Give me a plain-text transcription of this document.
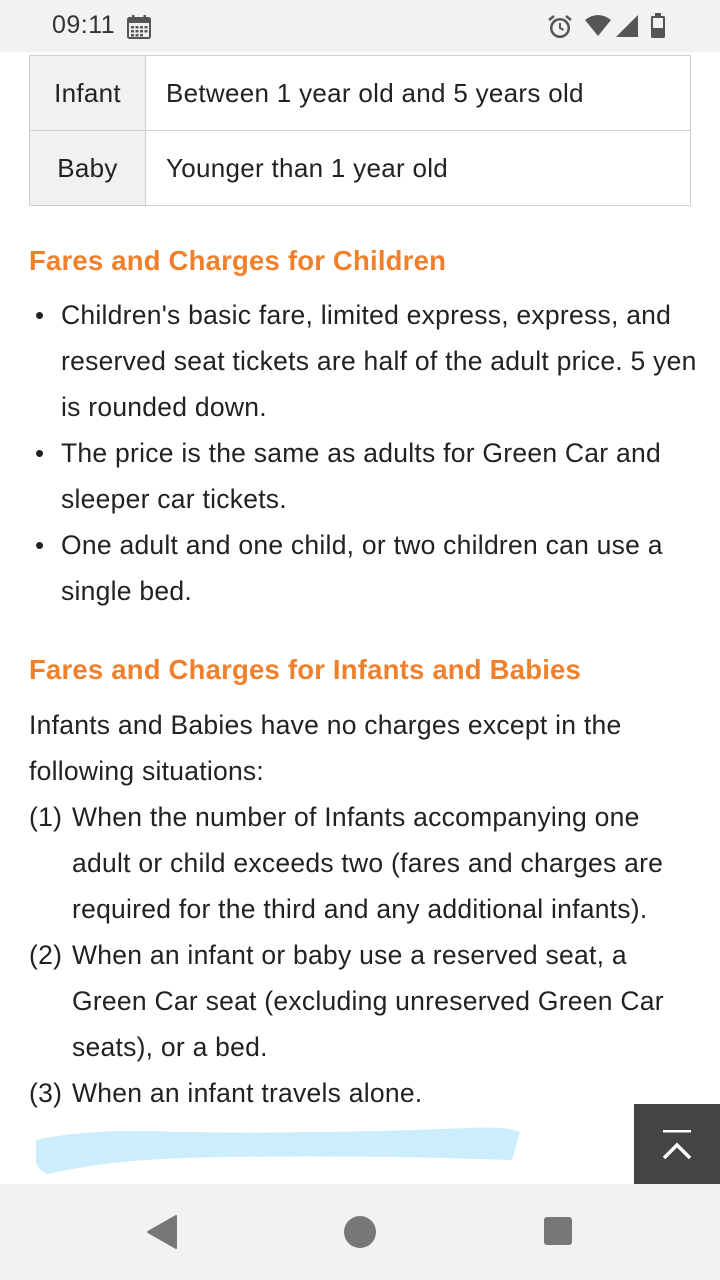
09:11
Infant	Between 1 year old and 5 years old
Baby	Younger than 1 year old
Fares and Charges for Children
• Children's basic fare, limited express, express, and reserved seat tickets are half of the adult price. 5 yen is rounded down.
• The price is the same as adults for Green Car and sleeper car tickets.
• One adult and one child, or two children can use a single bed.
Fares and Charges for Infants and Babies

Infants and Babies have no charges except in the following situations:

(1) When the number of Infants accompanying one adult or child exceeds two (fares and charges are required for the third and any additional infants).
(2) When an infant or baby use a reserved seat, a Green Car seat (excluding unreserved Green Car seats), or a bed.
(3) When an infant travels alone.
